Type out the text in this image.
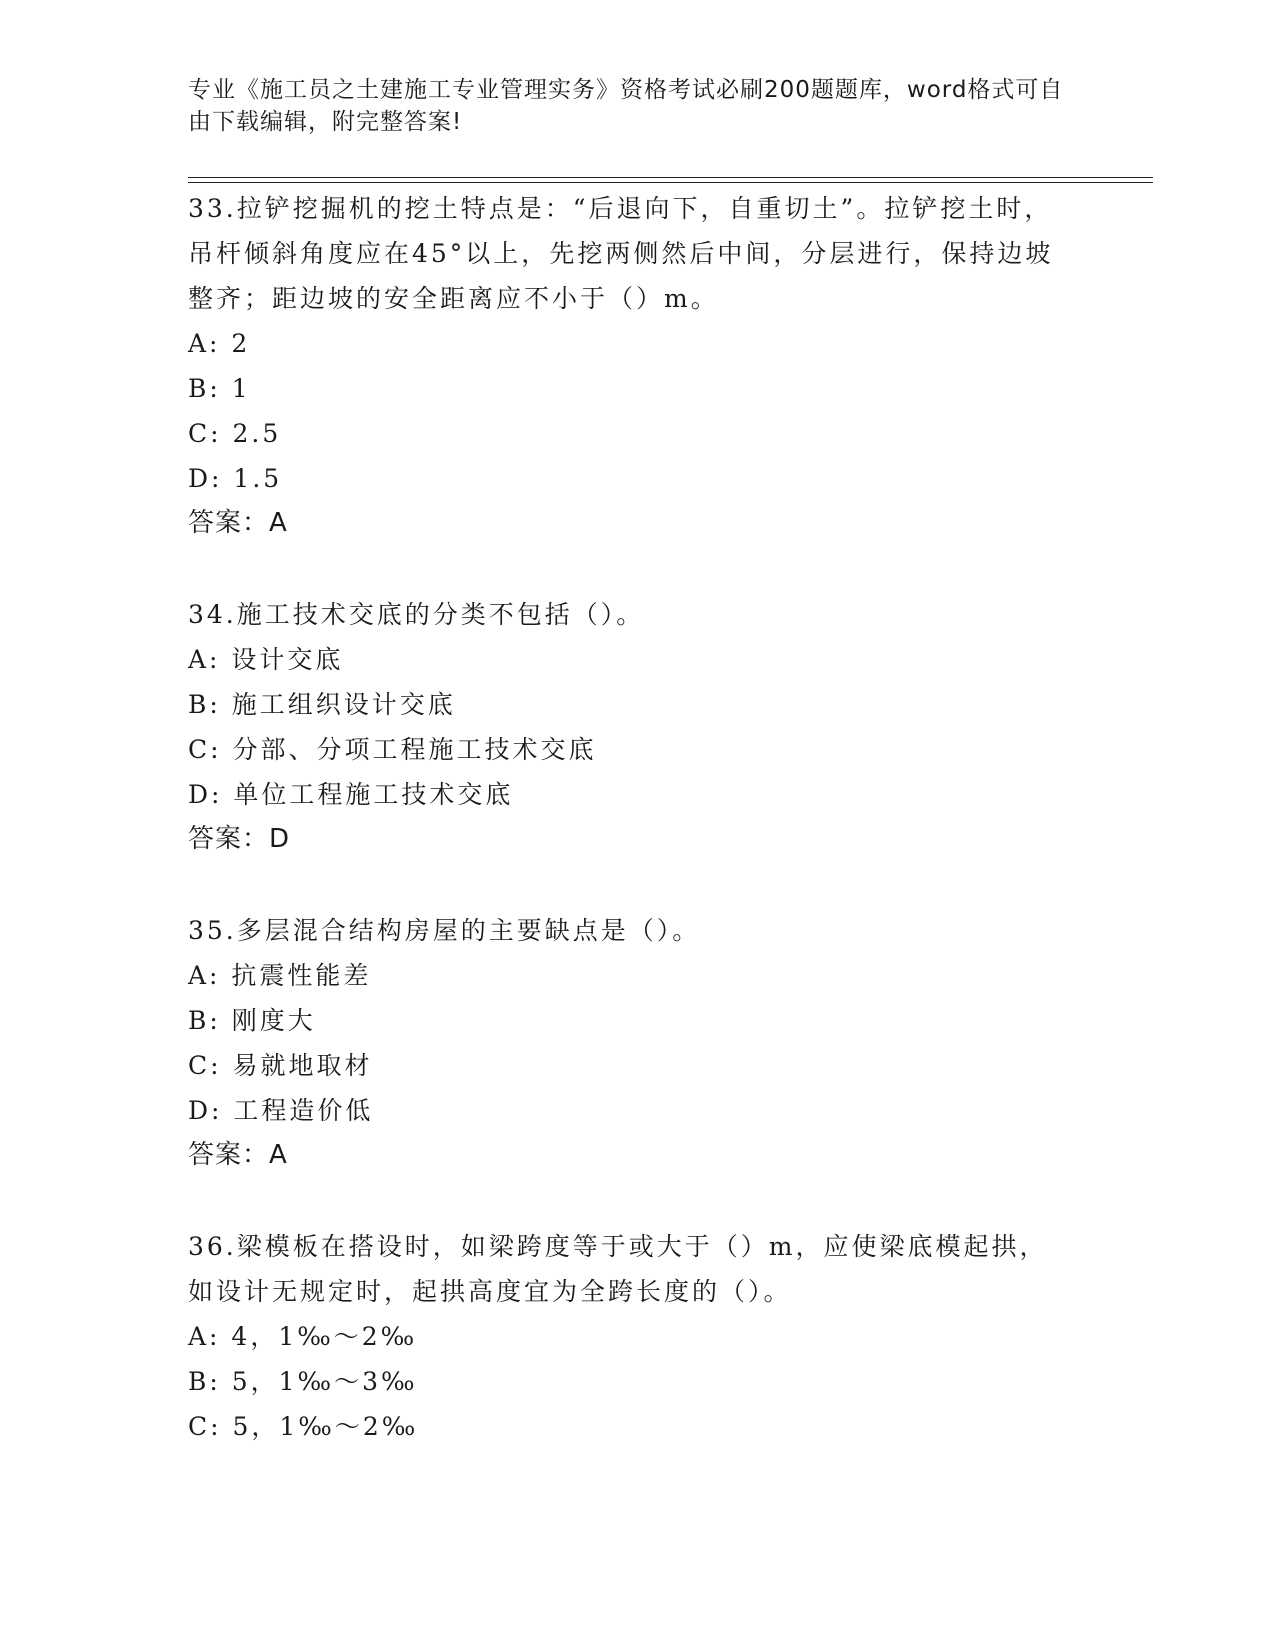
专业《施工员之土建施工专业管理实务》资格考试必刷200题题库，word格式可自由下载编辑，附完整答案!
33.拉铲挖掘机的挖土特点是：“后退向下，自重切土”。拉铲挖土时，吊杆倾斜角度应在45°以上，先挖两侧然后中间，分层进行，保持边坡整齐；距边坡的安全距离应不小于（）m。
A: 2
B: 1
C: 2.5
D: 1.5
答案：A
34.施工技术交底的分类不包括（）。
A: 设计交底
B: 施工组织设计交底
C: 分部、分项工程施工技术交底
D: 单位工程施工技术交底
答案：D
35.多层混合结构房屋的主要缺点是（）。
A: 抗震性能差
B: 刚度大
C: 易就地取材
D: 工程造价低
答案：A
36.梁模板在搭设时，如梁跨度等于或大于（）m，应使梁底模起拱，如设计无规定时，起拱高度宜为全跨长度的（）。
A: 4，1‰～2‰
B: 5，1‰～3‰
C: 5，1‰～2‰
